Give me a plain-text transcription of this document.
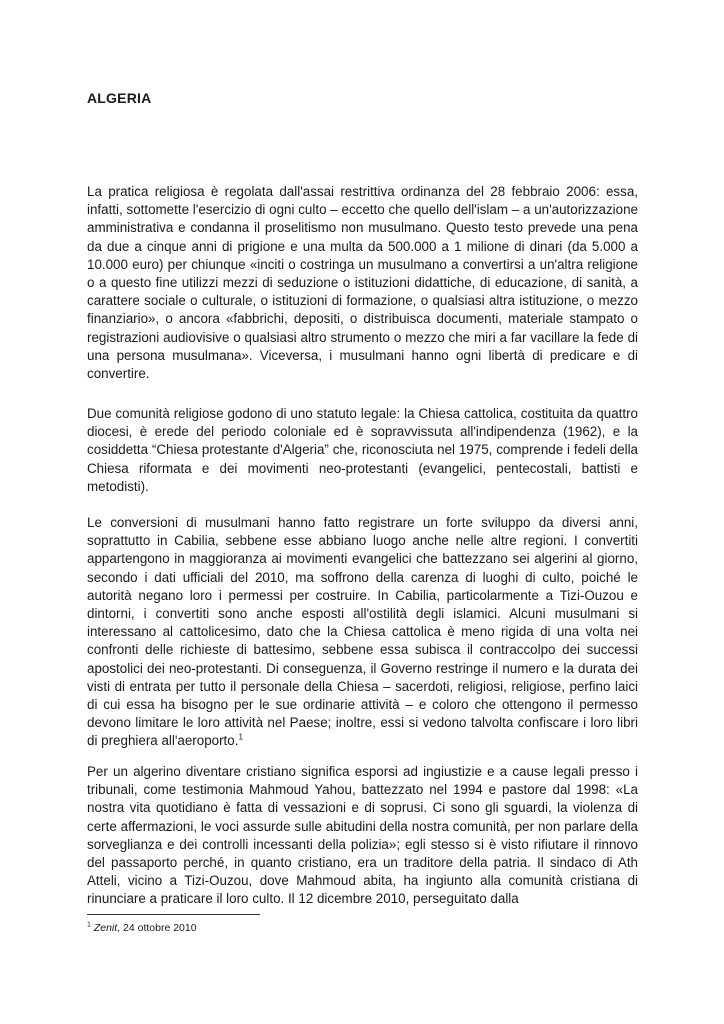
ALGERIA

La pratica religiosa è regolata dall'assai restrittiva ordinanza del 28 febbraio 2006: essa, infatti, sottomette l'esercizio di ogni culto – eccetto che quello dell'islam – a un'autorizzazione amministrativa e condanna il proselitismo non musulmano. Questo testo prevede una pena da due a cinque anni di prigione e una multa da 500.000 a 1 milione di dinari (da 5.000 a 10.000 euro) per chiunque «inciti o costringa un musulmano a convertirsi a un'altra religione o a questo fine utilizzi mezzi di seduzione o istituzioni didattiche, di educazione, di sanità, a carattere sociale o culturale, o istituzioni di formazione, o qualsiasi altra istituzione, o mezzo finanziario», o ancora «fabbrichi, depositi, o distribuisca documenti, materiale stampato o registrazioni audiovisive o qualsiasi altro strumento o mezzo che miri a far vacillare la fede di una persona musulmana». Viceversa, i musulmani hanno ogni libertà di predicare e di convertire.

Due comunità religiose godono di uno statuto legale: la Chiesa cattolica, costituita da quattro diocesi, è erede del periodo coloniale ed è sopravvissuta all'indipendenza (1962), e la cosiddetta “Chiesa protestante d'Algeria” che, riconosciuta nel 1975, comprende i fedeli della Chiesa riformata e dei movimenti neo-protestanti (evangelici, pentecostali, battisti e metodisti).

Le conversioni di musulmani hanno fatto registrare un forte sviluppo da diversi anni, soprattutto in Cabilia, sebbene esse abbiano luogo anche nelle altre regioni. I convertiti appartengono in maggioranza ai movimenti evangelici che battezzano sei algerini al giorno, secondo i dati ufficiali del 2010, ma soffrono della carenza di luoghi di culto, poiché le autorità negano loro i permessi per costruire. In Cabilia, particolarmente a Tizi-Ouzou e dintorni, i convertiti sono anche esposti all'ostilità degli islamici. Alcuni musulmani si interessano al cattolicesimo, dato che la Chiesa cattolica è meno rigida di una volta nei confronti delle richieste di battesimo, sebbene essa subisca il contraccolpo dei successi apostolici dei neo-protestanti. Di conseguenza, il Governo restringe il numero e la durata dei visti di entrata per tutto il personale della Chiesa – sacerdoti, religiosi, religiose, perfino laici di cui essa ha bisogno per le sue ordinarie attività – e coloro che ottengono il permesso devono limitare le loro attività nel Paese; inoltre, essi si vedono talvolta confiscare i loro libri di preghiera all'aeroporto.$^1$

Per un algerino diventare cristiano significa esporsi ad ingiustizie e a cause legali presso i tribunali, come testimonia Mahmoud Yahou, battezzato nel 1994 e pastore dal 1998: «La nostra vita quotidiano è fatta di vessazioni e di soprusi. Ci sono gli sguardi, la violenza di certe affermazioni, le voci assurde sulle abitudini della nostra comunità, per non parlare della sorveglianza e dei controlli incessanti della polizia»; egli stesso si è visto rifiutare il rinnovo del passaporto perché, in quanto cristiano, era un traditore della patria. Il sindaco di Ath Atteli, vicino a Tizi-Ouzou, dove Mahmoud abita, ha ingiunto alla comunità cristiana di rinunciare a praticare il loro culto. Il 12 dicembre 2010, perseguitato dalla

$^1$ Zenit, 24 ottobre 2010
